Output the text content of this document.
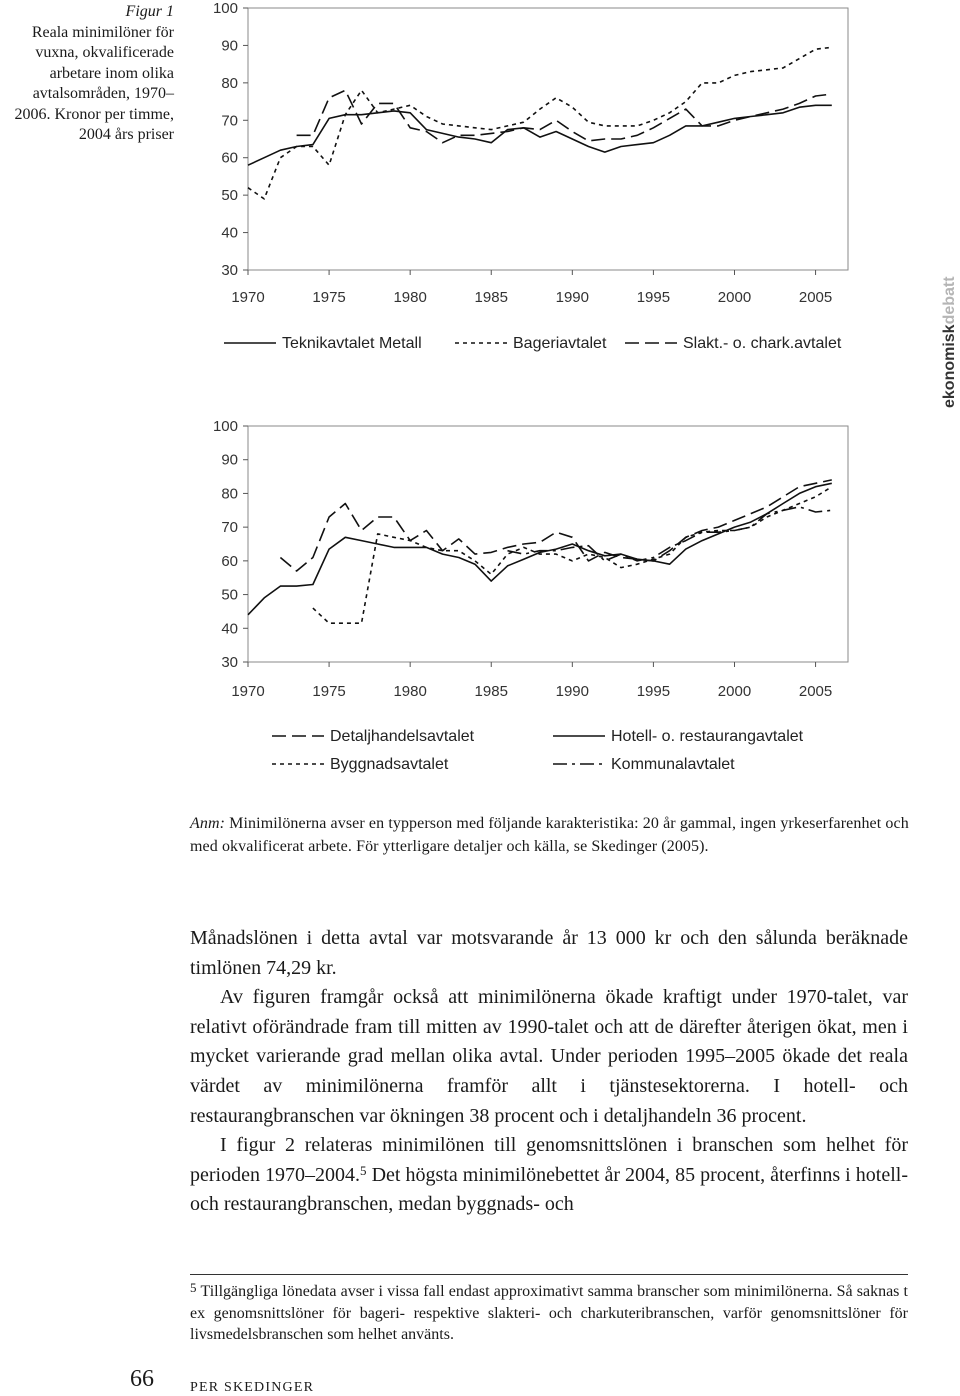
Figur 1
Reala minimilöner för vuxna, okvalificerade arbetare inom olika avtalsområden, 1970–2006. Kronor per timme, 2004 års priser
ekonomiskdebatt
100
90
80
70
60
50
40
30
1970	1975	1980	1985	1990	1995	2000	2005
Teknikavtalet Metall	Bageriavtalet	Slakt.- o. chark.avtalet
100
90
80
70
60
50
40
30
1970	1975	1980	1985	1990	1995	2000	2005
Detaljhandelsavtalet	Hotell- o. restaurangavtalet
Byggnadsavtalet	Kommunalavtalet
Anm: Minimilönerna avser en typperson med följande karakteristika: 20 år gammal, ingen yrkeserfarenhet och med okvalificerat arbete. För ytterligare detaljer och källa, se Skedinger (2005).

Månadslönen i detta avtal var motsvarande år 13 000 kr och den sålunda beräknade timlönen 74,29 kr.

Av figuren framgår också att minimilönerna ökade kraftigt under 1970-talet, var relativt oförändrade fram till mitten av 1990-talet och att de därefter återigen ökat, men i mycket varierande grad mellan olika avtal. Under perioden 1995–2005 ökade det reala värdet av minimilönerna framför allt i tjänstesektorerna. I hotell- och restaurangbranschen var ökningen 38 procent och i detaljhandeln 36 procent.

I figur 2 relateras minimilönen till genomsnittslönen i branschen som helhet för perioden 1970–2004.$^5$ Det högsta minimilönebettet år 2004, 85 procent, återfinns i hotell- och restaurangbranschen, medan byggnads- och

$^5$ Tillgängliga lönedata avser i vissa fall endast approximativt samma branscher som minimilönerna. Så saknas t ex genomsnittslöner för bageri- respektive slakteri- och charkuteribranschen, varför genomsnittslöner för livsmedelsbranschen som helhet använts.
66	PER SKEDINGER
